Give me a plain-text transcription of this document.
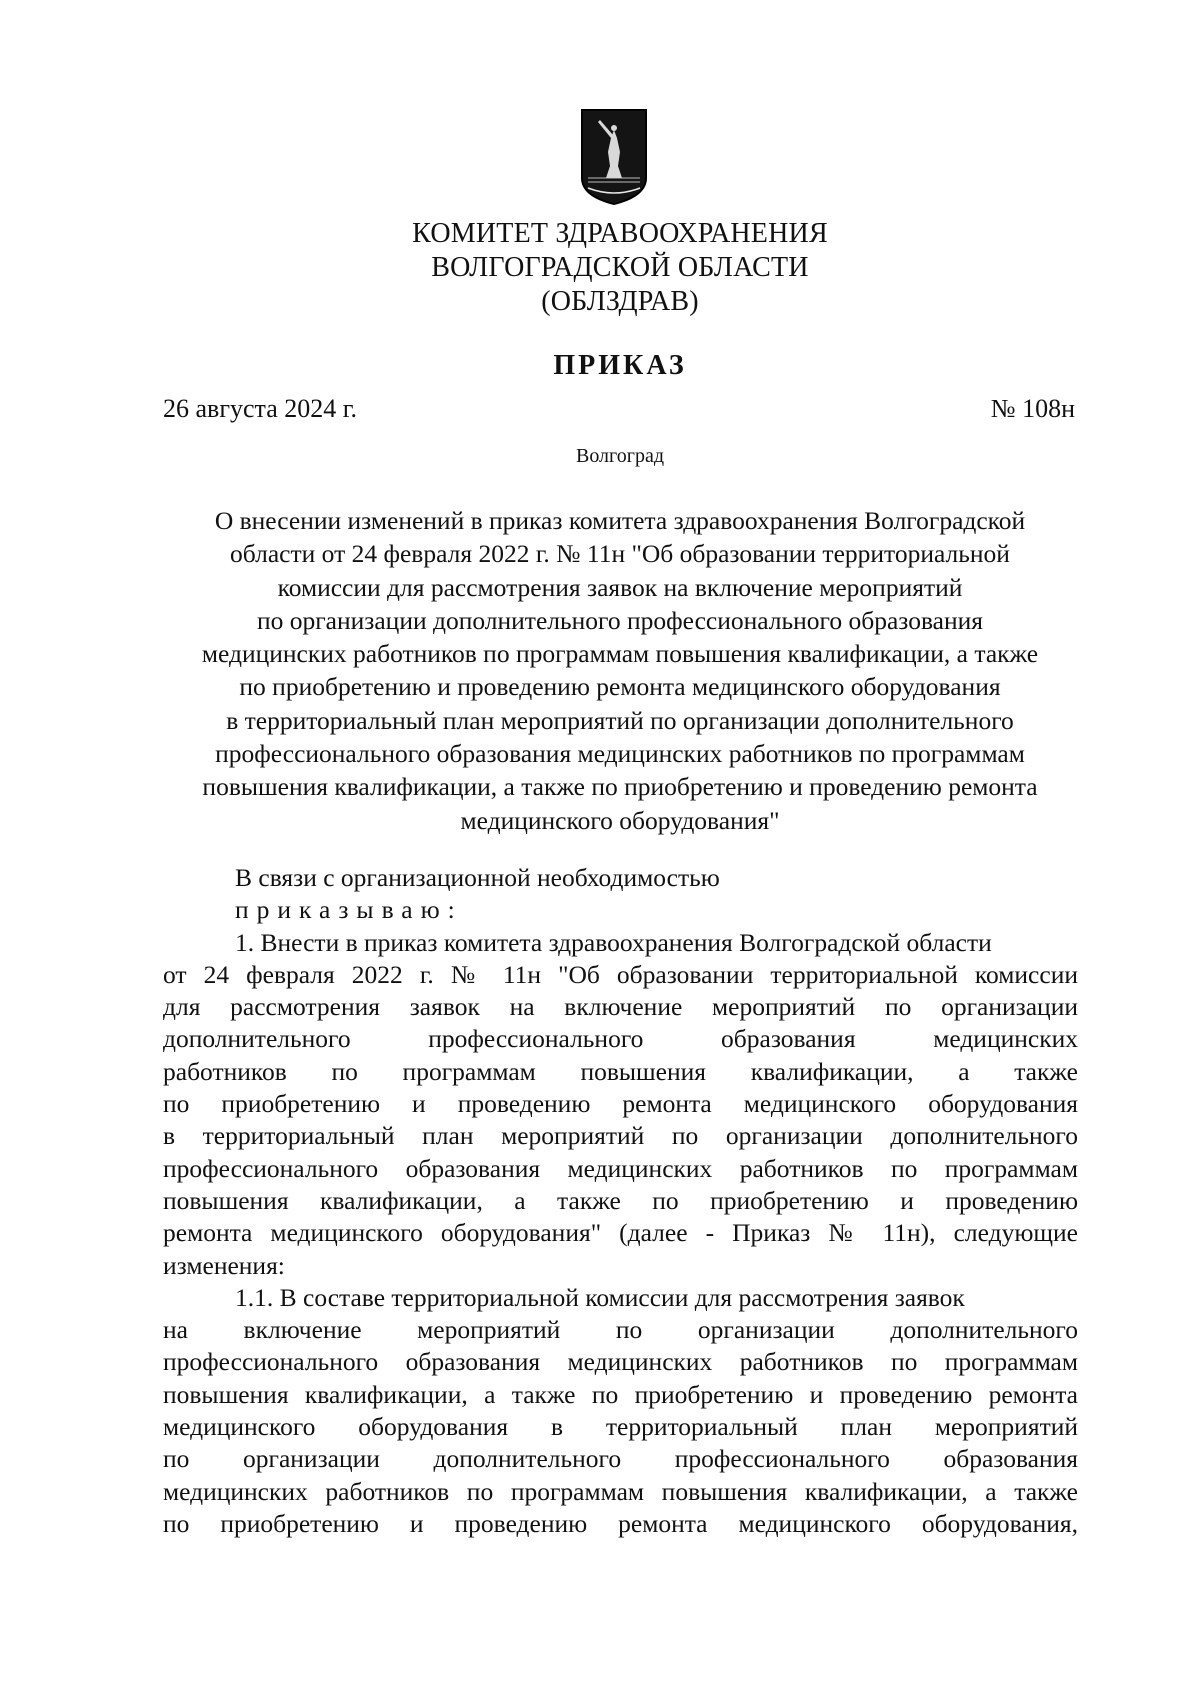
КОМИТЕТ ЗДРАВООХРАНЕНИЯ
ВОЛГОГРАДСКОЙ ОБЛАСТИ
(ОБЛЗДРАВ)
ПРИКАЗ
26 августа 2024 г.	№ 108н
Волгоград
О внесении изменений в приказ комитета здравоохранения Волгоградской
области от 24 февраля 2022 г. № 11н "Об образовании территориальной
комиссии для рассмотрения заявок на включение мероприятий
по организации дополнительного профессионального образования
медицинских работников по программам повышения квалификации, а также
по приобретению и проведению ремонта медицинского оборудования
в территориальный план мероприятий по организации дополнительного
профессионального образования медицинских работников по программам
повышения квалификации, а также по приобретению и проведению ремонта
медицинского оборудования"
В связи с организационной необходимостью
приказываю:
1. Внести в приказ комитета здравоохранения Волгоградской области
от 24 февраля 2022 г. № 11н "Об образовании территориальной комиссии
для рассмотрения заявок на включение мероприятий по организации
дополнительного профессионального образования медицинских
работников по программам повышения квалификации, а также
по приобретению и проведению ремонта медицинского оборудования
в территориальный план мероприятий по организации дополнительного
профессионального образования медицинских работников по программам
повышения квалификации, а также по приобретению и проведению
ремонта медицинского оборудования" (далее - Приказ № 11н), следующие
изменения:
1.1. В составе территориальной комиссии для рассмотрения заявок
на включение мероприятий по организации дополнительного
профессионального образования медицинских работников по программам
повышения квалификации, а также по приобретению и проведению ремонта
медицинского оборудования в территориальный план мероприятий
по организации дополнительного профессионального образования
медицинских работников по программам повышения квалификации, а также
по приобретению и проведению ремонта медицинского оборудования,
